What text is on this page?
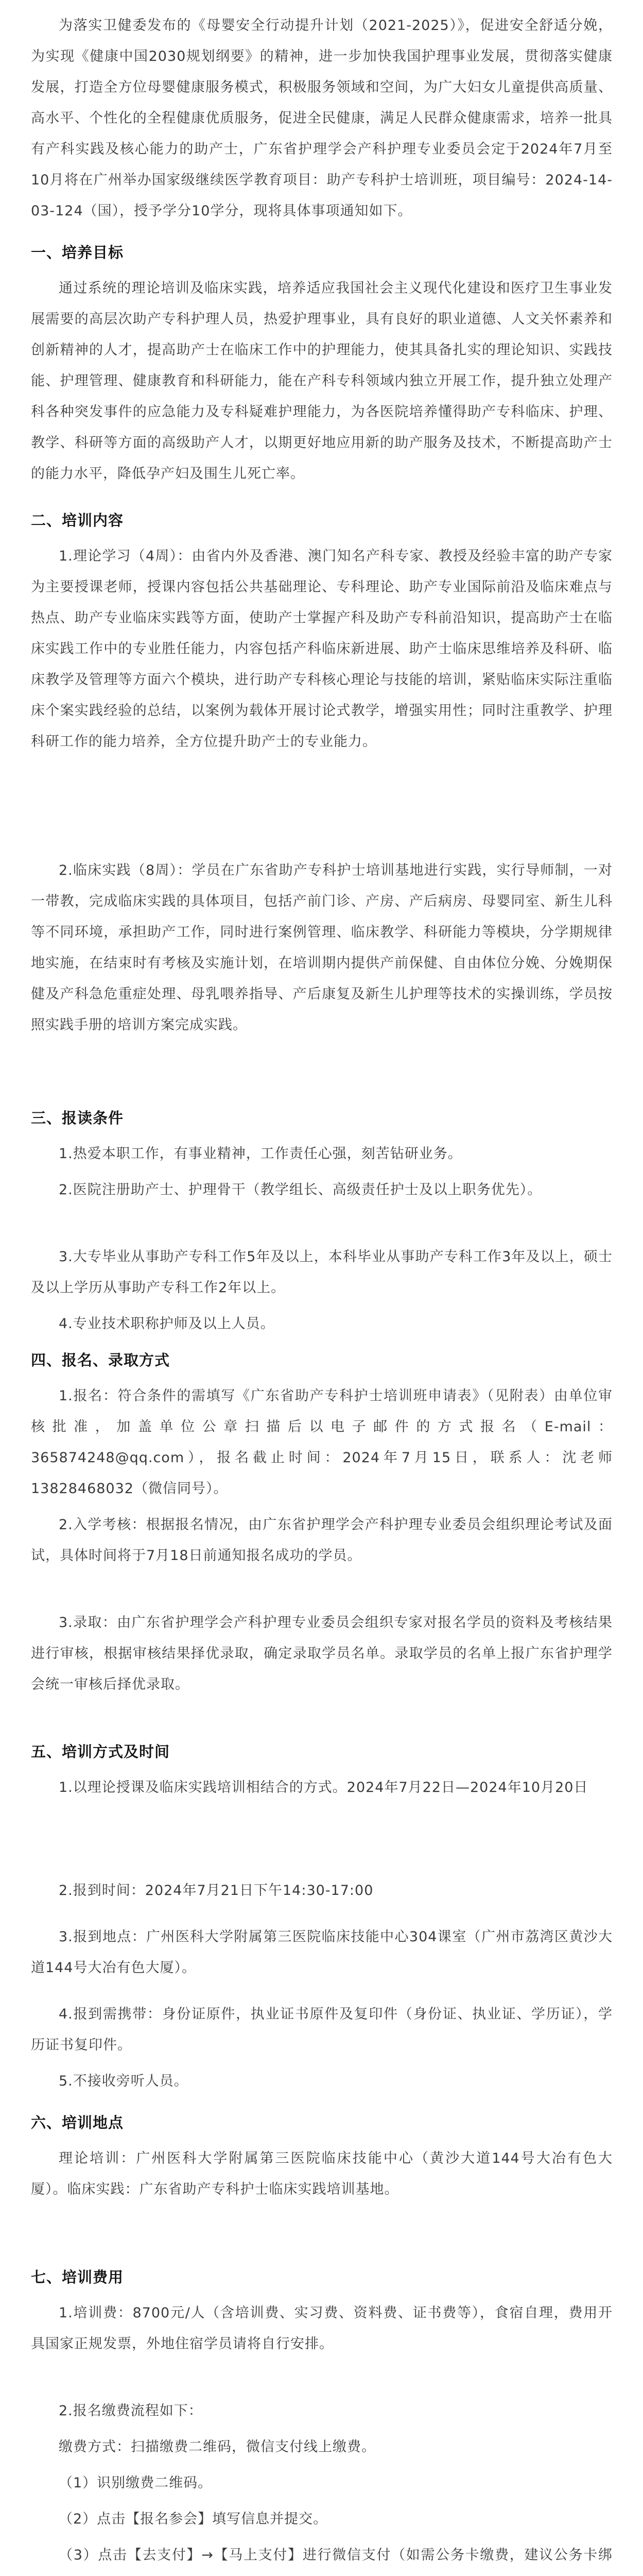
为落实卫健委发布的《母婴安全行动提升计划（2021-2025）》，促进安全舒适分娩，为实现《健康中国2030规划纲要》的精神，进一步加快我国护理事业发展，贯彻落实健康发展，打造全方位母婴健康服务模式，积极服务领域和空间，为广大妇女儿童提供高质量、高水平、个性化的全程健康优质服务，促进全民健康，满足人民群众健康需求，培养一批具有产科实践及核心能力的助产士，广东省护理学会产科护理专业委员会定于2024年7月至10月将在广州举办国家级继续医学教育项目：助产专科护士培训班，项目编号：2024-14-03-124（国），授予学分10学分，现将具体事项通知如下。

一、培养目标

通过系统的理论培训及临床实践，培养适应我国社会主义现代化建设和医疗卫生事业发展需要的高层次助产专科护理人员，热爱护理事业，具有良好的职业道德、人文关怀素养和创新精神的人才，提高助产士在临床工作中的护理能力，使其具备扎实的理论知识、实践技能、护理管理、健康教育和科研能力，能在产科专科领域内独立开展工作，提升独立处理产科各种突发事件的应急能力及专科疑难护理能力，为各医院培养懂得助产专科临床、护理、教学、科研等方面的高级助产人才，以期更好地应用新的助产服务及技术，不断提高助产士的能力水平，降低孕产妇及围生儿死亡率。

二、培训内容

1.理论学习（4周）：由省内外及香港、澳门知名产科专家、教授及经验丰富的助产专家为主要授课老师，授课内容包括公共基础理论、专科理论、助产专业国际前沿及临床难点与热点、助产专业临床实践等方面，使助产士掌握产科及助产专科前沿知识，提高助产士在临床实践工作中的专业胜任能力，内容包括产科临床新进展、助产士临床思维培养及科研、临床教学及管理等方面六个模块，进行助产专科核心理论与技能的培训，紧贴临床实际注重临床个案实践经验的总结，以案例为载体开展讨论式教学，增强实用性；同时注重教学、护理科研工作的能力培养，全方位提升助产士的专业能力。

2.临床实践（8周）：学员在广东省助产专科护士培训基地进行实践，实行导师制，一对一带教，完成临床实践的具体项目，包括产前门诊、产房、产后病房、母婴同室、新生儿科等不同环境，承担助产工作，同时进行案例管理、临床教学、科研能力等模块，分学期规律地实施，在结束时有考核及实施计划，在培训期内提供产前保健、自由体位分娩、分娩期保健及产科急危重症处理、母乳喂养指导、产后康复及新生儿护理等技术的实操训练，学员按照实践手册的培训方案完成实践。

三、报读条件

1.热爱本职工作，有事业精神，工作责任心强，刻苦钻研业务。

2.医院注册助产士、护理骨干（教学组长、高级责任护士及以上职务优先）。

3.大专毕业从事助产专科工作5年及以上，本科毕业从事助产专科工作3年及以上，硕士及以上学历从事助产专科工作2年以上。

4.专业技术职称护师及以上人员。

四、报名、录取方式

1.报名：符合条件的需填写《广东省助产专科护士培训班申请表》（见附表）由单位审核批准，加盖单位公章扫描后以电子邮件的方式报名（E-mail：365874248@qq.com），报名截止时间：2024年7月15日，联系人：沈老师 13828468032（微信同号）。

2.入学考核：根据报名情况，由广东省护理学会产科护理专业委员会组织理论考试及面试，具体时间将于7月18日前通知报名成功的学员。

3.录取：由广东省护理学会产科护理专业委员会组织专家对报名学员的资料及考核结果进行审核，根据审核结果择优录取，确定录取学员名单。录取学员的名单上报广东省护理学会统一审核后择优录取。

五、培训方式及时间

1.以理论授课及临床实践培训相结合的方式。2024年7月22日—2024年10月20日

2.报到时间：2024年7月21日下午14:30-17:00

3.报到地点：广州医科大学附属第三医院临床技能中心304课室（广州市荔湾区黄沙大道144号大冶有色大厦）。

4.报到需携带：身份证原件，执业证书原件及复印件（身份证、执业证、学历证），学历证书复印件。

5.不接收旁听人员。

六、培训地点

理论培训：广州医科大学附属第三医院临床技能中心（黄沙大道144号大冶有色大厦）。临床实践：广东省助产专科护士临床实践培训基地。

七、培训费用

1.培训费：8700元/人（含培训费、实习费、资料费、证书费等），食宿自理，费用开具国家正规发票，外地住宿学员请将自行安排。

2.报名缴费流程如下：

缴费方式：扫描缴费二维码，微信支付线上缴费。

（1）识别缴费二维码。

（2）点击【报名参会】填写信息并提交。

（3）点击【去支付】→【马上支付】进行微信支付（如需公务卡缴费，建议公务卡绑
